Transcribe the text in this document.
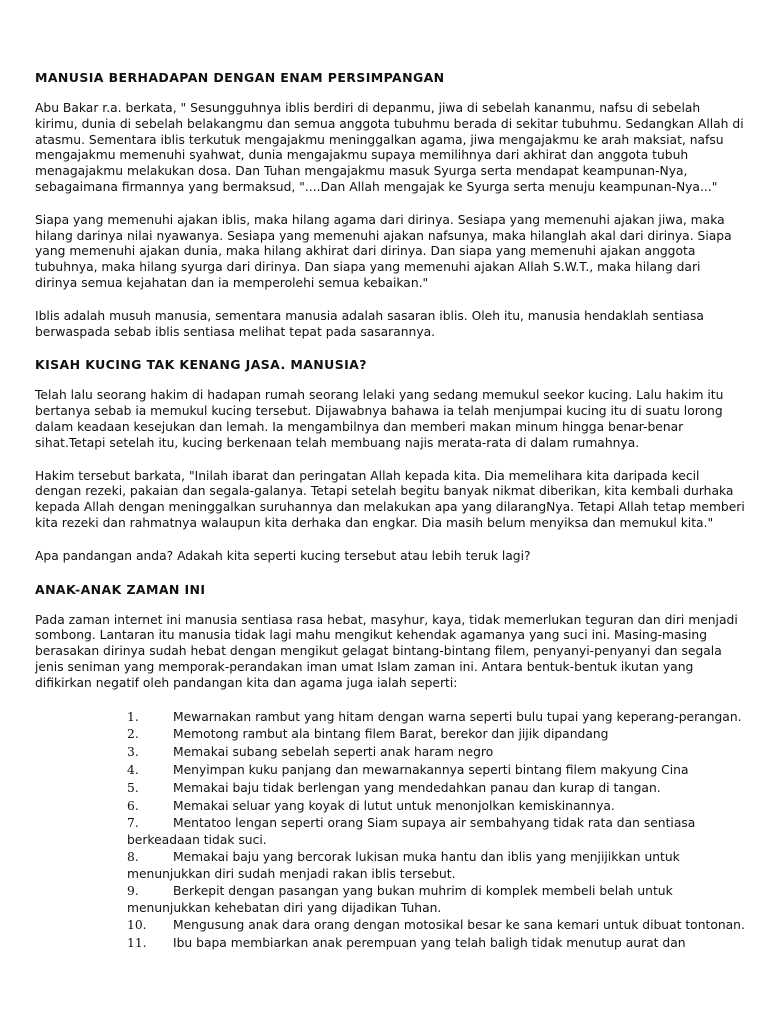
MANUSIA BERHADAPAN DENGAN ENAM PERSIMPANGAN

Abu Bakar r.a. berkata, " Sesungguhnya iblis berdiri di depanmu, jiwa di sebelah kananmu, nafsu di sebelah kirimu, dunia di sebelah belakangmu dan semua anggota tubuhmu berada di sekitar tubuhmu. Sedangkan Allah di atasmu. Sementara iblis terkutuk mengajakmu meninggalkan agama, jiwa mengajakmu ke arah maksiat, nafsu mengajakmu memenuhi syahwat, dunia mengajakmu supaya memilihnya dari akhirat dan anggota tubuh menagajakmu melakukan dosa. Dan Tuhan mengajakmu masuk Syurga serta mendapat keampunan-Nya, sebagaimana firmannya yang bermaksud, "....Dan Allah mengajak ke Syurga serta menuju keampunan-Nya..."

Siapa yang memenuhi ajakan iblis, maka hilang agama dari dirinya. Sesiapa yang memenuhi ajakan jiwa, maka hilang darinya nilai nyawanya. Sesiapa yang memenuhi ajakan nafsunya, maka hilanglah akal dari dirinya. Siapa yang memenuhi ajakan dunia, maka hilang akhirat dari dirinya. Dan siapa yang memenuhi ajakan anggota tubuhnya, maka hilang syurga dari dirinya. Dan siapa yang memenuhi ajakan Allah S.W.T., maka hilang dari dirinya semua kejahatan dan ia memperolehi semua kebaikan."

Iblis adalah musuh manusia, sementara manusia adalah sasaran iblis. Oleh itu, manusia hendaklah sentiasa berwaspada sebab iblis sentiasa melihat tepat pada sasarannya.

KISAH KUCING TAK KENANG JASA. MANUSIA?

Telah lalu seorang hakim di hadapan rumah seorang lelaki yang sedang memukul seekor kucing. Lalu hakim itu bertanya sebab ia memukul kucing tersebut. Dijawabnya bahawa ia telah menjumpai kucing itu di suatu lorong dalam keadaan kesejukan dan lemah. Ia mengambilnya dan memberi makan minum hingga benar-benar sihat.Tetapi setelah itu, kucing berkenaan telah membuang najis merata-rata di dalam rumahnya.

Hakim tersebut barkata, "Inilah ibarat dan peringatan Allah kepada kita. Dia memelihara kita daripada kecil dengan rezeki, pakaian dan segala-galanya. Tetapi setelah begitu banyak nikmat diberikan, kita kembali durhaka kepada Allah dengan meninggalkan suruhannya dan melakukan apa yang dilarangNya. Tetapi Allah tetap memberi kita rezeki dan rahmatnya walaupun kita derhaka dan engkar. Dia masih belum menyiksa dan memukul kita."

Apa pandangan anda? Adakah kita seperti kucing tersebut atau lebih teruk lagi?

ANAK-ANAK ZAMAN INI

Pada zaman internet ini manusia sentiasa rasa hebat, masyhur, kaya, tidak memerlukan teguran dan diri menjadi sombong. Lantaran itu manusia tidak lagi mahu mengikut kehendak agamanya yang suci ini. Masing-masing berasakan dirinya sudah hebat dengan mengikut gelagat bintang-bintang filem, penyanyi-penyanyi dan segala jenis seniman yang memporak-perandakan iman umat Islam zaman ini. Antara bentuk-bentuk ikutan yang difikirkan negatif oleh pandangan kita dan agama juga ialah seperti:

1.	Mewarnakan rambut yang hitam dengan warna seperti bulu tupai yang keperang-perangan.
2.	Memotong rambut ala bintang filem Barat, berekor dan jijik dipandang
3.	Memakai subang sebelah seperti anak haram negro
4.	Menyimpan kuku panjang dan mewarnakannya seperti bintang filem makyung Cina
5.	Memakai baju tidak berlengan yang mendedahkan panau dan kurap di tangan.
6.	Memakai seluar yang koyak di lutut untuk menonjolkan kemiskinannya.
7.	Mentatoo lengan seperti orang Siam supaya air sembahyang tidak rata dan sentiasa berkeadaan tidak suci.
8.	Memakai baju yang bercorak lukisan muka hantu dan iblis yang menjijikkan untuk menunjukkan diri sudah menjadi rakan iblis tersebut.
9.	Berkepit dengan pasangan yang bukan muhrim di komplek membeli belah untuk menunjukkan kehebatan diri yang dijadikan Tuhan.
10. Mengusung anak dara orang dengan motosikal besar ke sana kemari untuk dibuat tontonan.
11. Ibu bapa membiarkan anak perempuan yang telah baligh tidak menutup aurat dan
